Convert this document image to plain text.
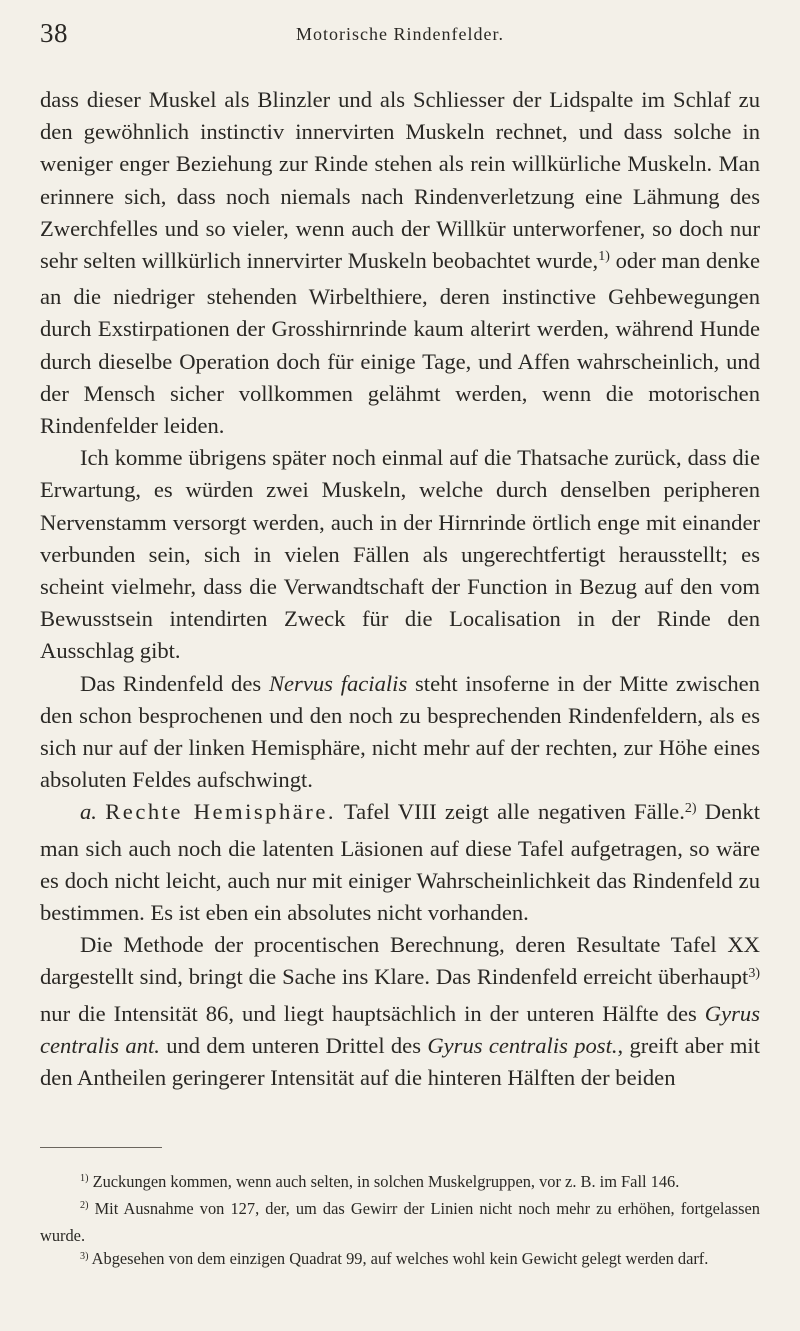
38	Motorische Rindenfelder.

dass dieser Muskel als Blinzler und als Schliesser der Lidspalte im Schlaf zu den gewöhnlich instinctiv innervirten Muskeln rechnet, und dass solche in weniger enger Beziehung zur Rinde stehen als rein willkürliche Muskeln. Man erinnere sich, dass noch niemals nach Rindenverletzung eine Lähmung des Zwerchfelles und so vieler, wenn auch der Willkür unterworfener, so doch nur sehr selten willkürlich innervirter Muskeln beobachtet wurde,$^{1)}$ oder man denke an die niedriger stehenden Wirbelthiere, deren instinctive Gehbewegungen durch Exstirpationen der Grosshirnrinde kaum alterirt werden, während Hunde durch dieselbe Operation doch für einige Tage, und Affen wahrscheinlich, und der Mensch sicher vollkommen gelähmt werden, wenn die motorischen Rindenfelder leiden.

Ich komme übrigens später noch einmal auf die Thatsache zurück, dass die Erwartung, es würden zwei Muskeln, welche durch denselben peripheren Nervenstamm versorgt werden, auch in der Hirnrinde örtlich enge mit einander verbunden sein, sich in vielen Fällen als ungerechtfertigt herausstellt; es scheint vielmehr, dass die Verwandtschaft der Function in Bezug auf den vom Bewusstsein intendirten Zweck für die Localisation in der Rinde den Ausschlag gibt.

Das Rindenfeld des Nervus facialis steht insoferne in der Mitte zwischen den schon besprochenen und den noch zu besprechenden Rindenfeldern, als es sich nur auf der linken Hemisphäre, nicht mehr auf der rechten, zur Höhe eines absoluten Feldes aufschwingt.

a. Rechte Hemisphäre. Tafel VIII zeigt alle negativen Fälle.$^{2)}$ Denkt man sich auch noch die latenten Läsionen auf diese Tafel aufgetragen, so wäre es doch nicht leicht, auch nur mit einiger Wahrscheinlichkeit das Rindenfeld zu bestimmen. Es ist eben ein absolutes nicht vorhanden.

Die Methode der procentischen Berechnung, deren Resultate Tafel XX dargestellt sind, bringt die Sache ins Klare. Das Rindenfeld erreicht überhaupt$^{3)}$ nur die Intensität 86, und liegt hauptsächlich in der unteren Hälfte des Gyrus centralis ant. und dem unteren Drittel des Gyrus centralis post., greift aber mit den Antheilen geringerer Intensität auf die hinteren Hälften der beiden

$^{1)}$ Zuckungen kommen, wenn auch selten, in solchen Muskelgruppen, vor z. B. im Fall 146.

$^{2)}$ Mit Ausnahme von 127, der, um das Gewirr der Linien nicht noch mehr zu erhöhen, fortgelassen wurde.

$^{3)}$ Abgesehen von dem einzigen Quadrat 99, auf welches wohl kein Gewicht gelegt werden darf.
